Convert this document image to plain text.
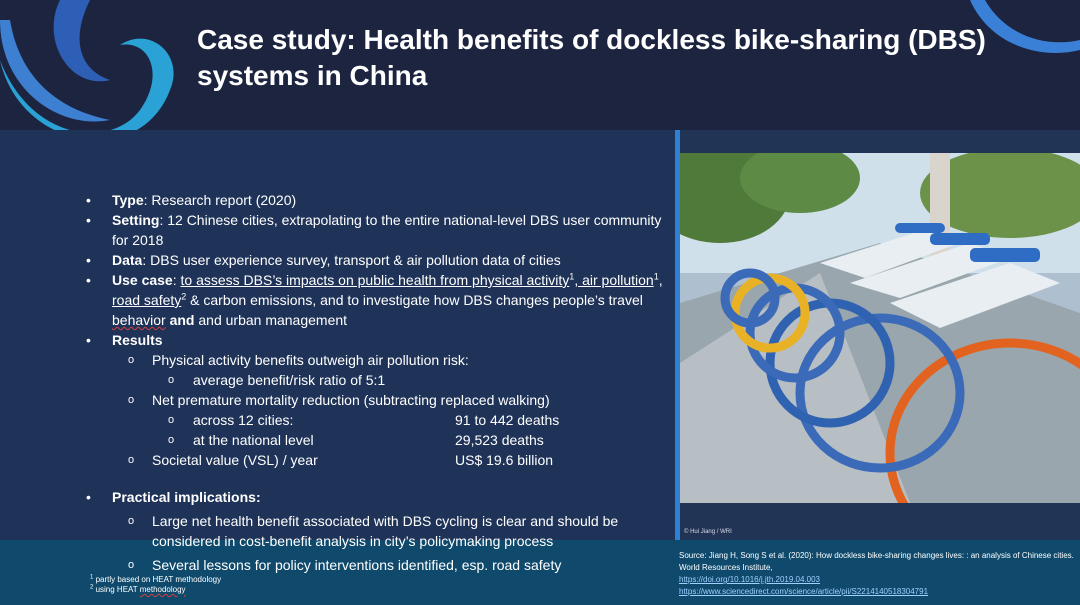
Case study: Health benefits of dockless bike-sharing (DBS) systems in China

• Type: Research report (2020)

• Setting: 12 Chinese cities, extrapolating to the entire national-level DBS user community for 2018

• Data: DBS user experience survey, transport & air pollution data of cities

• Use case: to assess DBS’s impacts on public health from physical activity$^1$, air pollution$^1$, road safety$^2$ & carbon emissions, and to investigate how DBS changes people’s travel behavior and and urban management

• Results

o Physical activity benefits outweigh air pollution risk:

o average benefit/risk ratio of 5:1

o Net premature mortality reduction (subtracting replaced walking)

o across 12 cities:	91 to 442 deaths

o at the national level	29,523 deaths

o Societal value (VSL) / year	US$ 19.6 billion

• Practical implications:

o Large net health benefit associated with DBS cycling is clear and should be considered in cost-benefit analysis in city’s policymaking process

o Several lessons for policy interventions identified, esp. road safety

$^1$ partly based on HEAT methodology
$^2$ using HEAT methodology
© Hui Jiang / WRI
Source: Jiang H, Song S et al. (2020): How dockless bike-sharing changes lives: : an analysis of Chinese cities. World Resources Institute,
https://doi.org/10.1016/j.jth.2019.04.003
https://www.sciencedirect.com/science/article/pii/S2214140518304791
